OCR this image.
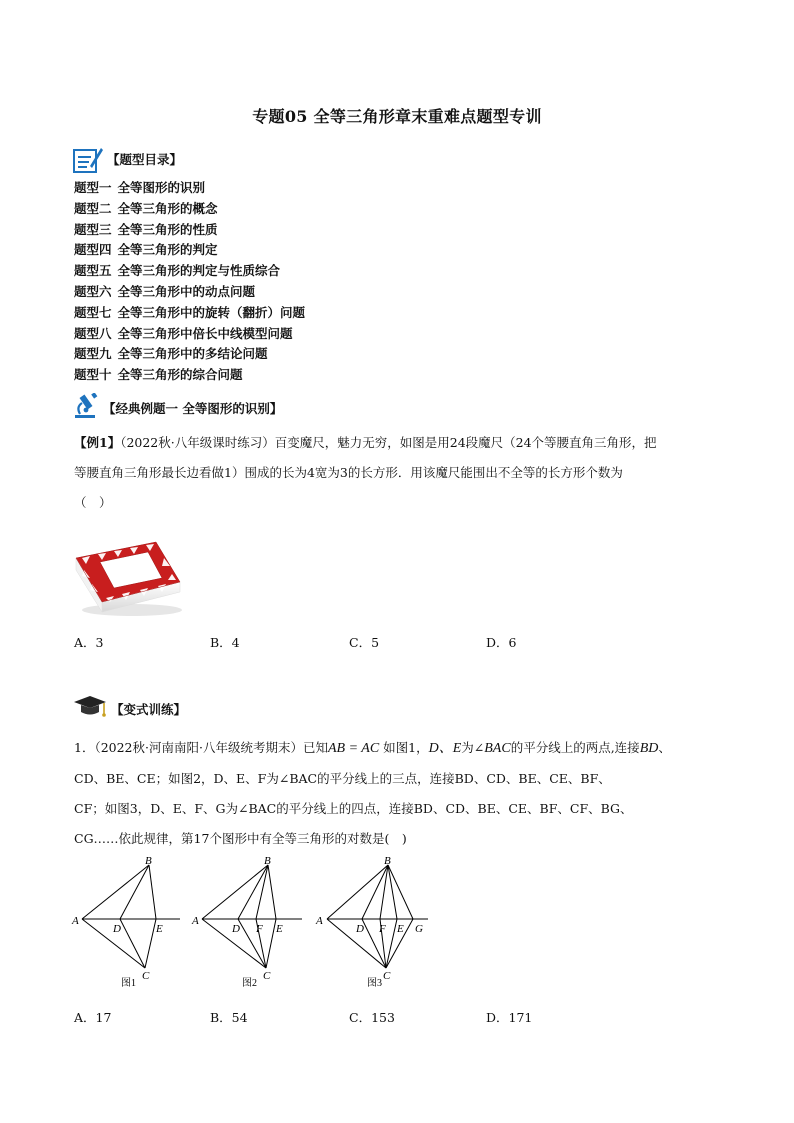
专题05 全等三角形章末重难点题型专训
【题型目录】
题型一 全等图形的识别
题型二 全等三角形的概念
题型三 全等三角形的性质
题型四 全等三角形的判定
题型五 全等三角形的判定与性质综合
题型六 全等三角形中的动点问题
题型七 全等三角形中的旋转（翻折）问题
题型八 全等三角形中倍长中线模型问题
题型九 全等三角形中的多结论问题
题型十 全等三角形的综合问题
【经典例题一 全等图形的识别】
【例1】（2022秋·八年级课时练习）百变魔尺，魅力无穷，如图是用24段魔尺（24个等腰直角三角形，把
等腰直角三角形最长边看做1）围成的长为4宽为3的长方形．用该魔尺能围出不全等的长方形个数为
（　）
A．3	B．4	C．5	D．6
【变式训练】
1．（2022秋·河南南阳·八年级统考期末）已知AB = AC 如图1，D、E为∠BAC的平分线上的两点,连接BD、
CD、BE、CE；如图2，D、E、F为∠BAC的平分线上的三点，连接BD、CD、BE、CE、BF、
CF；如图3，D、E、F、G为∠BAC的平分线上的四点，连接BD、CD、BE、CE、BF、CF、BG、
CG……依此规律，第17个图形中有全等三角形的对数是(　)
A
B
C
D	E
图1
A
B
C
D F E
图2
A
B
C
D F E G
图3
A．17	B．54	C．153	D．171
